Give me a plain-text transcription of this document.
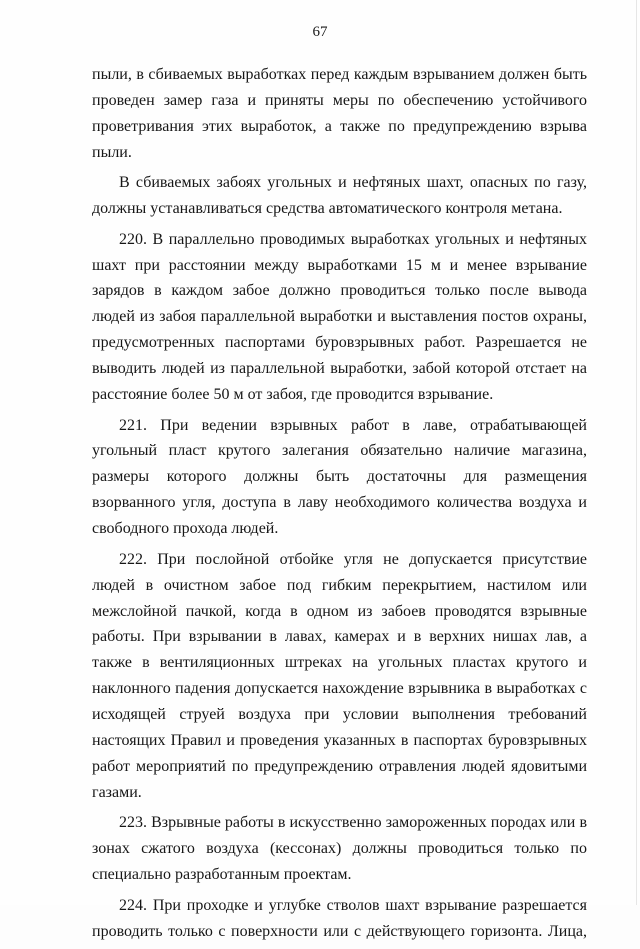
67

пыли, в сбиваемых выработках перед каждым взрыванием должен быть проведен замер газа и приняты меры по обеспечению устойчивого проветривания этих выработок, а также по предупреждению взрыва пыли.

В сбиваемых забоях угольных и нефтяных шахт, опасных по газу, должны устанавливаться средства автоматического контроля метана.

220. В параллельно проводимых выработках угольных и нефтяных шахт при расстоянии между выработками 15 м и менее взрывание зарядов в каждом забое должно проводиться только после вывода людей из забоя параллельной выработки и выставления постов охраны, предусмотренных паспортами буровзрывных работ. Разрешается не выводить людей из параллельной выработки, забой которой отстает на расстояние более 50 м от забоя, где проводится взрывание.

221. При ведении взрывных работ в лаве, отрабатывающей угольный пласт крутого залегания обязательно наличие магазина, размеры которого должны быть достаточны для размещения взорванного угля, доступа в лаву необходимого количества воздуха и свободного прохода людей.

222. При послойной отбойке угля не допускается присутствие людей в очистном забое под гибким перекрытием, настилом или межслойной пачкой, когда в одном из забоев проводятся взрывные работы. При взрывании в лавах, камерах и в верхних нишах лав, а также в вентиляционных штреках на угольных пластах крутого и наклонного падения допускается нахождение взрывника в выработках с исходящей струей воздуха при условии выполнения требований настоящих Правил и проведения указанных в паспортах буровзрывных работ мероприятий по предупреждению отравления людей ядовитыми газами.

223. Взрывные работы в искусственно замороженных породах или в зонах сжатого воздуха (кессонах) должны проводиться только по специально разработанным проектам.

224. При проходке и углубке стволов шахт взрывание разрешается проводить только с поверхности или с действующего горизонта. Лица,
